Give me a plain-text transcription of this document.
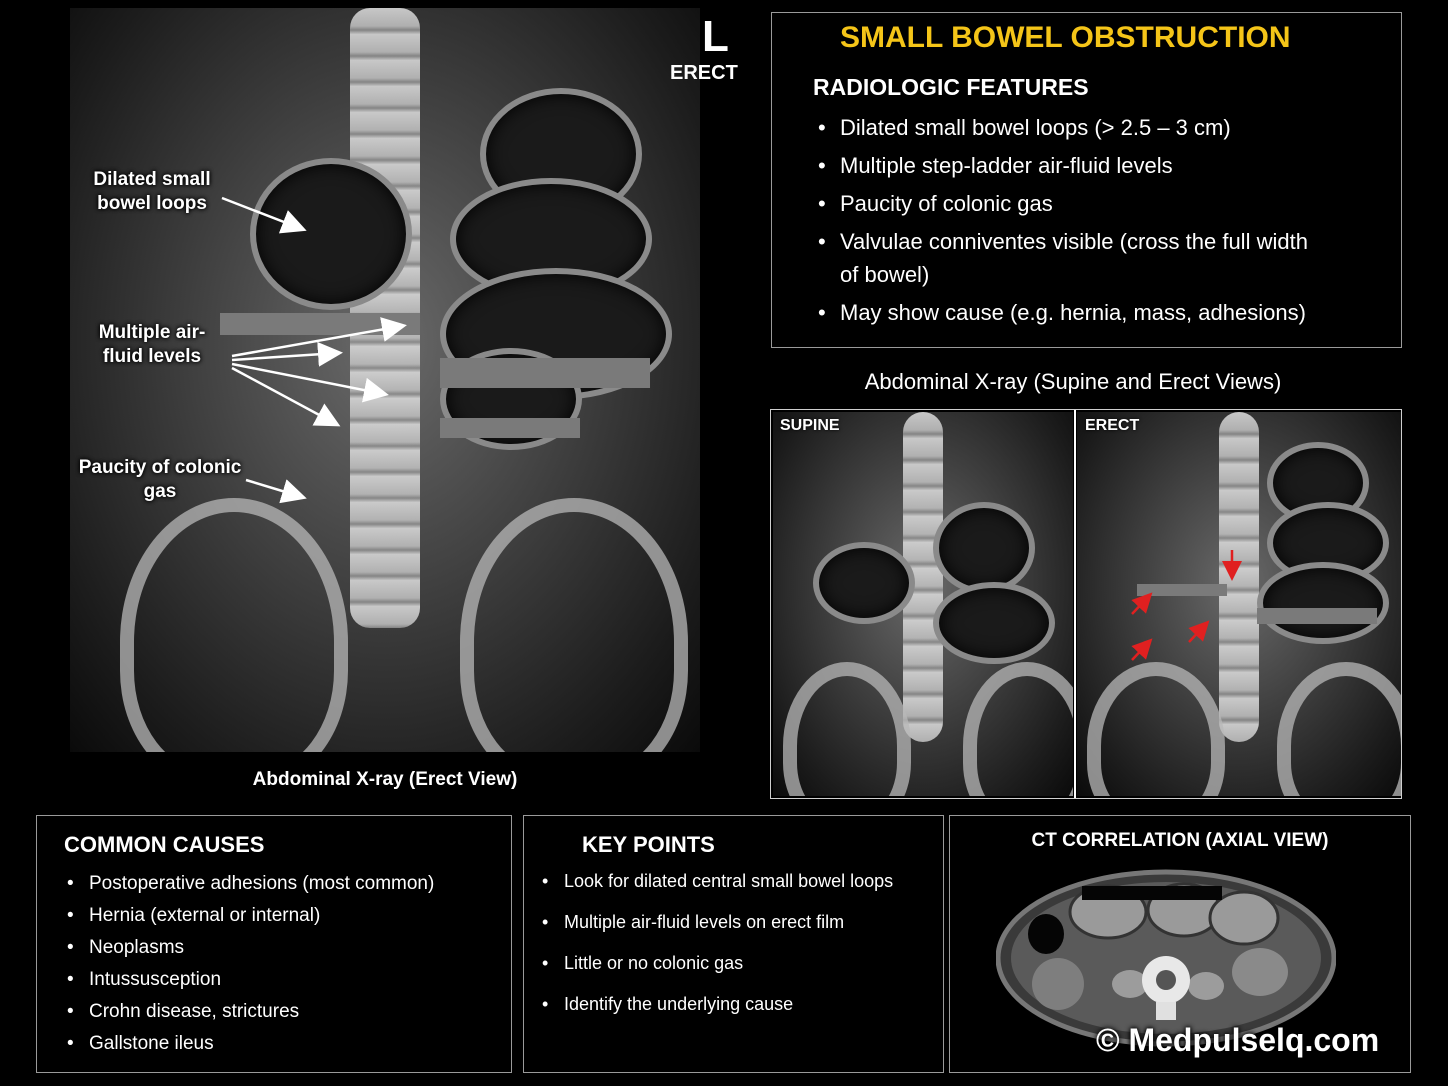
L
ERECT
Dilated small bowel loops
Multiple air-fluid levels
Paucity of colonic gas
Abdominal X-ray (Erect View)
SMALL BOWEL OBSTRUCTION
RADIOLOGIC FEATURES
• Dilated small bowel loops (> 2.5 – 3 cm)
• Multiple step-ladder air-fluid levels
• Paucity of colonic gas
• Valvulae conniventes visible (cross the full width of bowel)
• May show cause (e.g. hernia, mass, adhesions)
Abdominal X-ray (Supine and Erect Views)
SUPINE	ERECT
COMMON CAUSES
• Postoperative adhesions (most common)
• Hernia (external or internal)
• Neoplasms
• Intussusception
• Crohn disease, strictures
• Gallstone ileus
KEY POINTS
• Look for dilated central small bowel loops
• Multiple air-fluid levels on erect film
• Little or no colonic gas
• Identify the underlying cause
CT CORRELATION (AXIAL VIEW)
© Medpulselq.com
